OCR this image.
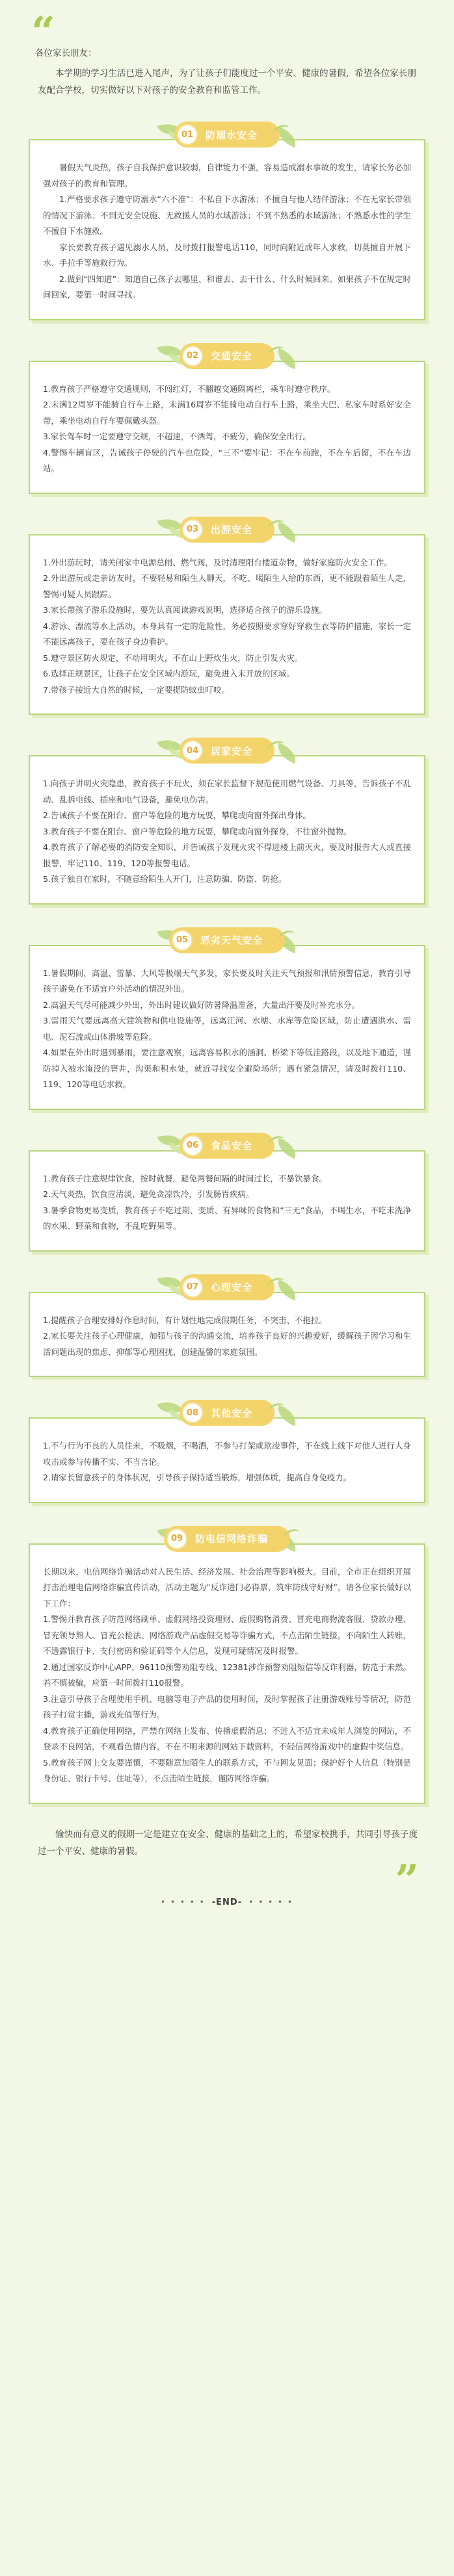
“

各位家长朋友：

本学期的学习生活已进入尾声，为了让孩子们能度过一个平安、健康的暑假，希望各位家长朋友配合学校，切实做好以下对孩子的安全教育和监管工作。

01	防溺水安全

暑假天气炎热，孩子自我保护意识较弱，自律能力不强，容易造成溺水事故的发生，请家长务必加强对孩子的教育和管理。

1.严格要求孩子遵守防溺水“六不准”：不私自下水游泳；不擅自与他人结伴游泳；不在无家长带领的情况下游泳；不到无安全设施、无救援人员的水域游泳；不到不熟悉的水域游泳；不熟悉水性的学生不擅自下水施救。

家长要教育孩子遇见溺水人员，及时拨打报警电话110，同时向附近成年人求救，切莫擅自开展下水、手拉手等施救行为。

2.做到“四知道”：知道自己孩子去哪里、和谁去、去干什么、什么时候回来。如果孩子不在规定时间回家，要第一时间寻找。

02	交通安全

1.教育孩子严格遵守交通规则，不闯红灯，不翻越交通隔离栏，乘车时遵守秩序。

2.未满12周岁不能骑自行车上路，未满16周岁不能骑电动自行车上路，乘坐大巴、私家车时系好安全带，乘坐电动自行车要佩戴头盔。

3.家长驾车时一定要遵守交规，不超速，不酒驾，不疲劳，确保安全出行。

4.警惕车辆盲区，告诫孩子停驶的汽车也危险，“三不”要牢记：不在车前跑，不在车后留，不在车边站。

03	出游安全

1.外出游玩时，请关闭家中电源总闸、燃气阀，及时清理阳台楼道杂物，做好家庭防火安全工作。

2.外出游玩或走亲访友时，不要轻易和陌生人聊天，不吃、喝陌生人给的东西，更不能跟着陌生人走，警惕可疑人员跟踪。

3.家长带孩子游乐设施时，要先认真阅读游戏说明，选择适合孩子的游乐设施。

4.游泳、漂流等水上活动，本身具有一定的危险性，务必按照要求穿好穿救生衣等防护措施，家长一定不能远离孩子，要在孩子身边看护。

5.遵守景区防火规定，不动用明火，不在山上野炊生火，防止引发火灾。

6.选择正规景区，让孩子在安全区域内游玩，避免进入未开放的区域。

7.带孩子接近大自然的时候，一定要提防蚊虫叮咬。

04	居家安全

1.向孩子讲明火灾隐患，教育孩子不玩火，须在家长监督下规范使用燃气设备、刀具等，告诉孩子不乱动、乱拆电线、插座和电气设备，避免电伤害。

2.告诫孩子不要在阳台、窗户等危险的地方玩耍，攀爬或向窗外探出身体。

3.教育孩子不要在阳台、窗户等危险的地方玩耍，攀爬或向窗外探身，不往窗外抛物。

4.教育孩子了解必要的消防安全知识，并告诫孩子发现火灾不得进楼上前灭火，要及时报告大人或直接报警，牢记110、119、120等报警电话。

5.孩子独自在家时，不随意给陌生人开门，注意防骗、防盗、防抢。

05	恶劣天气安全

1.暑假期间，高温、雷暴、大风等极端天气多发，家长要及时关注天气预报和汛情预警信息，教育引导孩子避免在不适宜户外活动的情况外出。

2.高温天气尽可能减少外出，外出时建议做好防暑降温准备，大量出汗要及时补充水分。

3.雷雨天气要远离高大建筑物和供电设施等，远离江河、水塘、水库等危险区域，防止遭遇洪水、雷电、泥石流或山体滑坡等危险。

4.如果在外出时遇到暴雨，要注意观察，远离容易积水的涵洞、桥梁下等低洼路段，以及地下通道，谨防掉入被水淹没的窨井，沟渠和积水处，就近寻找安全避险场所；遇有紧急情况，请及时拨打110、119、120等电话求救。

06	食品安全

1.教育孩子注意规律饮食，按时就餐，避免两餐间隔的时间过长，不暴饮暴食。

2.天气炎热，饮食应清淡，避免贪凉饮冷，引发肠胃疾病。

3.暑季食物更易变质，教育孩子不吃过期、变质、有异味的食物和“三无”食品，不喝生水，不吃未洗净的水果、野菜和食物，不乱吃野果等。

07	心理安全

1.提醒孩子合理安排好作息时间，有计划性地完成假期任务，不突击、不拖拉。

2.家长要关注孩子心理健康，加强与孩子的沟通交流，培养孩子良好的兴趣爱好，缓解孩子因学习和生活问题出现的焦虑、抑郁等心理困扰，创建温馨的家庭氛围。

08	其他安全

1.不与行为不良的人员往来，不吸烟，不喝酒，不参与打架或欺凌事件，不在线上线下对他人进行人身攻击或参与传播不实、不当言论。

2.请家长留意孩子的身体状况，引导孩子保持适当锻炼，增强体质，提高自身免疫力。

09	防电信网络诈骗

长期以来，电信网络诈骗活动对人民生活、经济发展、社会治理等影响极大。目前，全市正在组织开展打击治理电信网络诈骗宣传活动，活动主题为“反诈进门必得票，筑牢防线守好财”。请各位家长做好以下工作：

1.警惕并教育孩子防范网络刷单、虚假网络投资理财、虚假购物消费、冒充电商物流客服、贷款办理、冒充领导熟人、冒充公检法、网络游戏产品虚假交易等诈骗方式，不点击陌生链接，不向陌生人转账，不透露银行卡、支付密码和验证码等个人信息，发现可疑情况及时报警。

2.通过国家反诈中心APP、96110预警劝阻专线、12381涉诈预警劝阻短信等反诈利器，防范于未然。若不慎被骗，应第一时间拨打110报警。

3.注意引导孩子合理使用手机、电脑等电子产品的使用时间，及时掌握孩子注册游戏账号等情况，防范孩子打赏主播，游戏充值等行为。

4.教育孩子正确使用网络，严禁在网络上发布、传播虚假消息；不进入不适宜未成年人浏览的网站，不登录不良网站，不观看色情内容，不在不明来源的网站下载资料，不轻信网络游戏中的虚假中奖信息。

5.教育孩子网上交友要谨慎，不要随意加陌生人的联系方式，不与网友见面；保护好个人信息（特别是身份证、银行卡号、住址等），不点击陌生链接，谨防网络诈骗。

愉快而有意义的假期一定是建立在安全、健康的基础之上的，希望家校携手，共同引导孩子度过一个平安、健康的暑假。

”
• • • • • -END- • • • • •
